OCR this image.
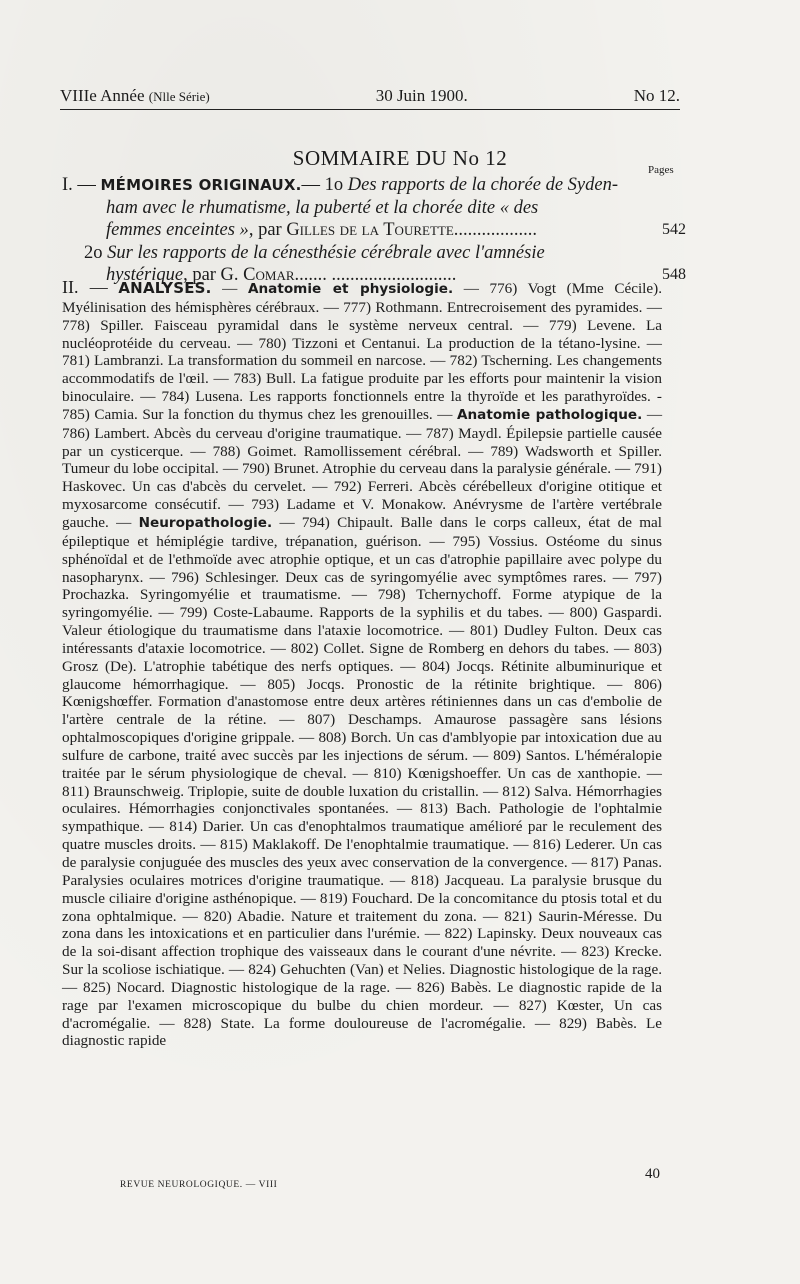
VIIIe Année (Nlle Série)	30 Juin 1900.	No 12.
SOMMAIRE DU No 12	Pages
I. — MÉMOIRES ORIGINAUX.— 1o Des rapports de la chorée de Syden-
ham avec le rhumatisme, la puberté et la chorée dite « des
femmes enceintes », par Gilles de la Tourette..................	542
2o Sur les rapports de la cénesthésie cérébrale avec l'amnésie
hystérique, par G. Comar....... ...........................	548

II. — ANALYSES. — Anatomie et physiologie. — 776) Vogt (Mme Cécile). Myélinisation des hémisphères cérébraux. — 777) Rothmann. Entrecroisement des pyramides. — 778) Spiller. Faisceau pyramidal dans le système nerveux central. — 779) Levene. La nucléoprotéide du cerveau. — 780) Tizzoni et Centanui. La production de la tétano-lysine. — 781) Lambranzi. La transformation du sommeil en narcose. — 782) Tscherning. Les changements accommodatifs de l'œil. — 783) Bull. La fatigue produite par les efforts pour maintenir la vision binoculaire. — 784) Lusena. Les rapports fonctionnels entre la thyroïde et les parathyroïdes. - 785) Camia. Sur la fonction du thymus chez les grenouilles. — Anatomie pathologique. — 786) Lambert. Abcès du cerveau d'origine traumatique. — 787) Maydl. Épilepsie partielle causée par un cysticerque. — 788) Goimet. Ramollissement cérébral. — 789) Wadsworth et Spiller. Tumeur du lobe occipital. — 790) Brunet. Atrophie du cerveau dans la paralysie générale. — 791) Haskovec. Un cas d'abcès du cervelet. — 792) Ferreri. Abcès cérébelleux d'origine otitique et myxosarcome consécutif. — 793) Ladame et V. Monakow. Anévrysme de l'artère vertébrale gauche. — Neuropathologie. — 794) Chipault. Balle dans le corps calleux, état de mal épileptique et hémiplégie tardive, trépanation, guérison. — 795) Vossius. Ostéome du sinus sphénoïdal et de l'ethmoïde avec atrophie optique, et un cas d'atrophie papillaire avec polype du nasopharynx. — 796) Schlesinger. Deux cas de syringomyélie avec symptômes rares. — 797) Prochazka. Syringomyélie et traumatisme. — 798) Tchernychoff. Forme atypique de la syringomyélie. — 799) Coste-Labaume. Rapports de la syphilis et du tabes. — 800) Gaspardi. Valeur étiologique du traumatisme dans l'ataxie locomotrice. — 801) Dudley Fulton. Deux cas intéressants d'ataxie locomotrice. — 802) Collet. Signe de Romberg en dehors du tabes. — 803) Grosz (De). L'atrophie tabétique des nerfs optiques. — 804) Jocqs. Rétinite albuminurique et glaucome hémorrhagique. — 805) Jocqs. Pronostic de la rétinite brightique. — 806) Kœnigshœffer. Formation d'anastomose entre deux artères rétiniennes dans un cas d'embolie de l'artère centrale de la rétine. — 807) Deschamps. Amaurose passagère sans lésions ophtalmoscopiques d'origine grippale. — 808) Borch. Un cas d'amblyopie par intoxication due au sulfure de carbone, traité avec succès par les injections de sérum. — 809) Santos. L'héméralopie traitée par le sérum physiologique de cheval. — 810) Kœnigshoeffer. Un cas de xanthopie. — 811) Braunschweig. Triplopie, suite de double luxation du cristallin. — 812) Salva. Hémorrhagies oculaires. Hémorrhagies conjonctivales spontanées. — 813) Bach. Pathologie de l'ophtalmie sympathique. — 814) Darier. Un cas d'enophtalmos traumatique amélioré par le reculement des quatre muscles droits. — 815) Maklakoff. De l'enophtalmie traumatique. — 816) Lederer. Un cas de paralysie conjuguée des muscles des yeux avec conservation de la convergence. — 817) Panas. Paralysies oculaires motrices d'origine traumatique. — 818) Jacqueau. La paralysie brusque du muscle ciliaire d'origine asthénopique. — 819) Fouchard. De la concomitance du ptosis total et du zona ophtalmique. — 820) Abadie. Nature et traitement du zona. — 821) Saurin-Méresse. Du zona dans les intoxications et en particulier dans l'urémie. — 822) Lapinsky. Deux nouveaux cas de la soi-disant affection trophique des vaisseaux dans le courant d'une névrite. — 823) Krecke. Sur la scoliose ischiatique. — 824) Gehuchten (Van) et Nelies. Diagnostic histologique de la rage. — 825) Nocard. Diagnostic histologique de la rage. — 826) Babès. Le diagnostic rapide de la rage par l'examen microscopique du bulbe du chien mordeur. — 827) Kœster, Un cas d'acromégalie. — 828) State. La forme douloureuse de l'acromégalie. — 829) Babès. Le diagnostic rapide

REVUE NEUROLOGIQUE. — VIII
40
